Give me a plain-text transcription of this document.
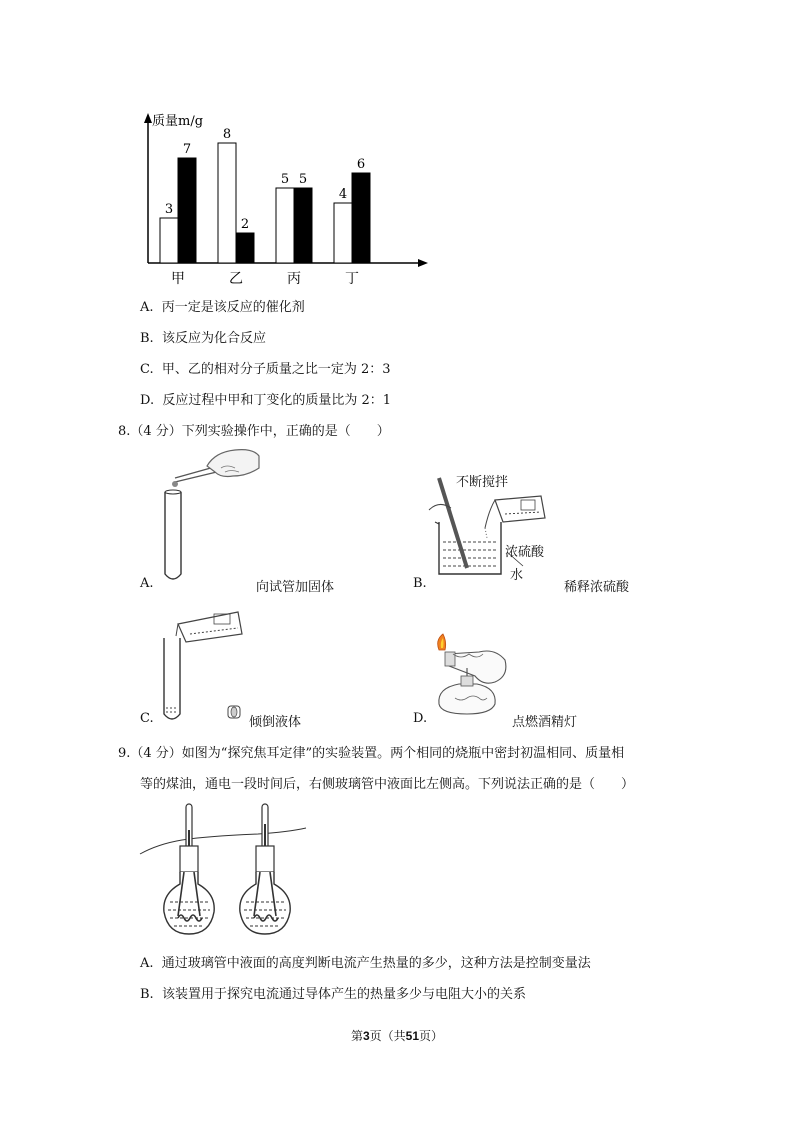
质量m/g
3
7
8
2
5 5
4
6
甲	乙	丙	丁
A. 丙一定是该反应的催化剂
B. 该反应为化合反应
C. 甲、乙的相对分子质量之比一定为 2：3
D. 反应过程中甲和丁变化的质量比为 2：1
8.（4 分）下列实验操作中，正确的是（　　）
A.	向试管加固体
不断搅拌
浓硫酸
水
B.	稀释浓硫酸
C.	倾倒液体	D.	点燃酒精灯
9.（4 分）如图为“探究焦耳定律”的实验装置。两个相同的烧瓶中密封初温相同、质量相
等的煤油，通电一段时间后，右侧玻璃管中液面比左侧高。下列说法正确的是（　　）
A. 通过玻璃管中液面的高度判断电流产生热量的多少，这种方法是控制变量法
B. 该装置用于探究电流通过导体产生的热量多少与电阻大小的关系
第3页（共51页）
